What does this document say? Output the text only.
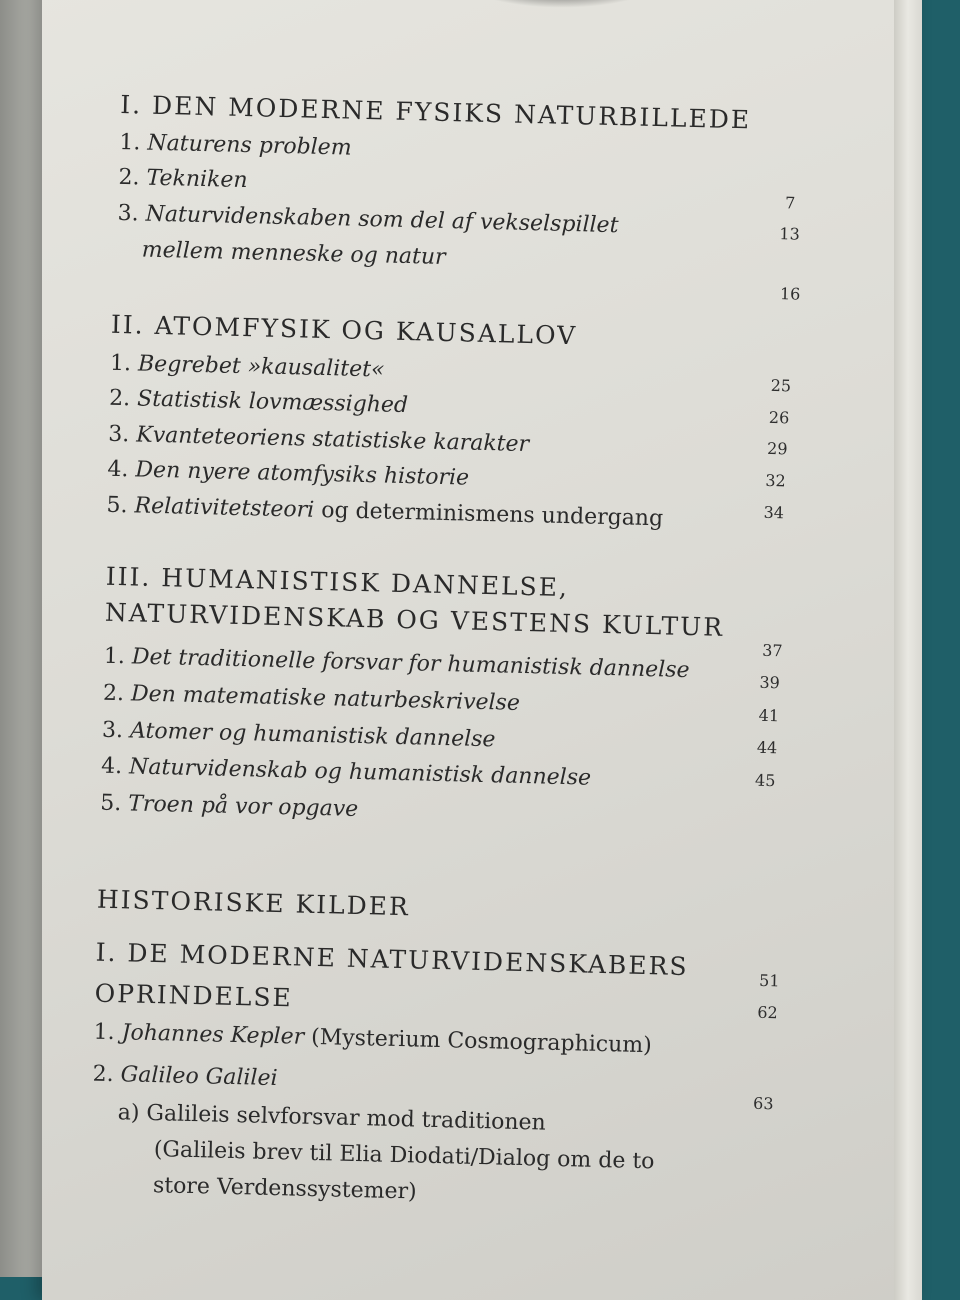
I. DEN MODERNE FYSIKS NATURBILLEDE
1. Naturens problem
2. Tekniken
3. Naturvidenskaben som del af vekselspillet
mellem menneske og natur
7
13
16
II. ATOMFYSIK OG KAUSALLOV
1. Begrebet »kausalitet«
2. Statistisk lovmæssighed
3. Kvanteteoriens statistiske karakter
4. Den nyere atomfysiks historie
5. Relativitetsteori og determinismens undergang
25
26
29
32
34
III. HUMANISTISK DANNELSE,
NATURVIDENSKAB OG VESTENS KULTUR
1. Det traditionelle forsvar for humanistisk dannelse
2. Den matematiske naturbeskrivelse
3. Atomer og humanistisk dannelse
4. Naturvidenskab og humanistisk dannelse
5. Troen på vor opgave
37
39
41
44
45
HISTORISKE KILDER
I. DE MODERNE NATURVIDENSKABERS
OPRINDELSE
1. Johannes Kepler (Mysterium Cosmographicum)
2. Galileo Galilei
a) Galileis selvforsvar mod traditionen
(Galileis brev til Elia Diodati/Dialog om de to
store Verdenssystemer)
51
62
63
